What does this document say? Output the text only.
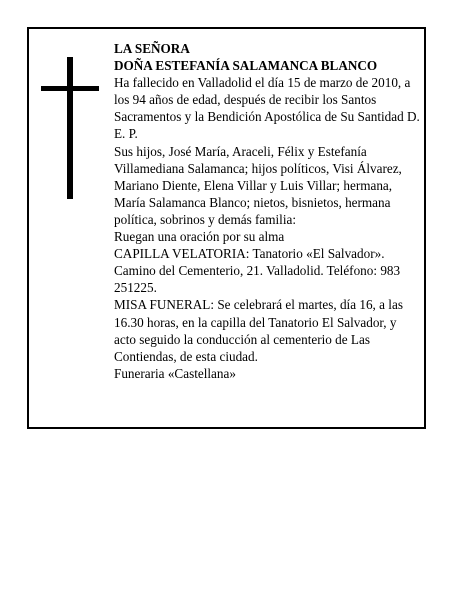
LA SEÑORA

DOÑA ESTEFANÍA SALAMANCA BLANCO

Ha fallecido en Valladolid el día 15 de marzo de 2010, a los 94 años de edad, después de recibir los Santos Sacramentos y la Bendición Apostólica de Su Santidad D. E. P.

Sus hijos, José María, Araceli, Félix y Estefanía Villamediana Salamanca; hijos políticos, Visi Álvarez, Mariano Diente, Elena Villar y Luis Villar; hermana, María Salamanca Blanco; nietos, bisnietos, hermana política, sobrinos y demás familia:

Ruegan una oración por su alma

CAPILLA VELATORIA: Tanatorio «El Salvador». Camino del Cementerio, 21. Valladolid. Teléfono: 983 251225.

MISA FUNERAL: Se celebrará el martes, día 16, a las 16.30 horas, en la capilla del Tanatorio El Salvador, y acto seguido la conducción al cementerio de Las Contiendas, de esta ciudad.

Funeraria «Castellana»
